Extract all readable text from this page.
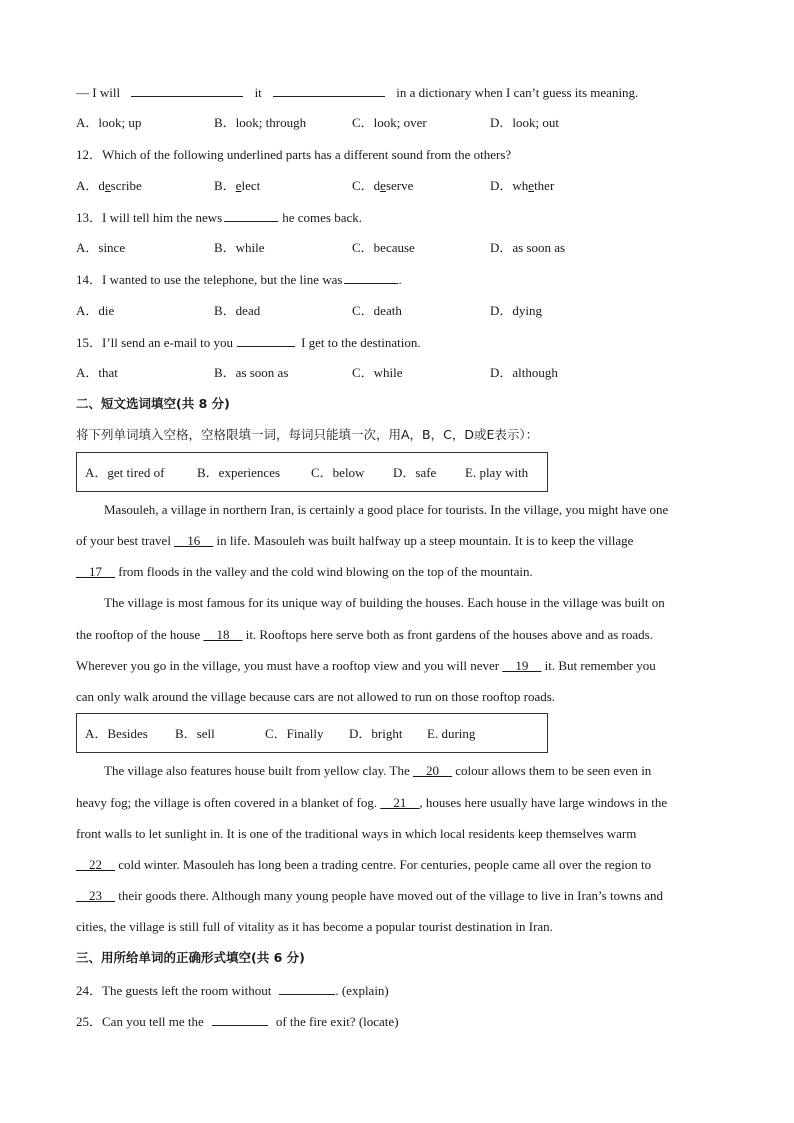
— I will	it	in a dictionary when I can’t guess its meaning.
A．look; up	B．look; through	C．look; over	D．look; out
12．Which of the following underlined parts has a different sound from the others?
A．describe	B．elect	C．deserve	D．whether
13．I will tell him the news	he comes back.
A．since	B．while	C．because	D．as soon as
14．I wanted to use the telephone, but the line was	.
A．die	B．dead	C．death	D．dying
15．I’ll send an e-mail to you	I get to the destination.
A．that	B．as soon as	C．while	D．although
二、短文选词填空(共 8 分)
将下列单词填入空格，空格限填一词，每词只能填一次，用A，B，C，D或E表示）：
A．get tired of	B．experiences C．below D．safe E. play with
Masouleh, a village in northern Iran, is certainly a good place for tourists. In the village, you might have one
of your best travel __16__ in life. Masouleh was built halfway up a steep mountain. It is to keep the village
__17__ from floods in the valley and the cold wind blowing on the top of the mountain.
The village is most famous for its unique way of building the houses. Each house in the village was built on
the rooftop of the house __18__ it. Rooftops here serve both as front gardens of the houses above and as roads.
Wherever you go in the village, you must have a rooftop view and you will never __19__ it. But remember you
can only walk around the village because cars are not allowed to run on those rooftop roads.
A．Besides B．sell	C．Finally D．bright E. during
The village also features house built from yellow clay. The __20__ colour allows them to be seen even in
heavy fog; the village is often covered in a blanket of fog. __21__, houses here usually have large windows in the
front walls to let sunlight in. It is one of the traditional ways in which local residents keep themselves warm
__22__ cold winter. Masouleh has long been a trading centre. For centuries, people came all over the region to
__23__ their goods there. Although many young people have moved out of the village to live in Iran’s towns and
cities, the village is still full of vitality as it has become a popular tourist destination in Iran.
三、用所给单词的正确形式填空(共 6 分)
24．The guests left the room without	. (explain)
25．Can you tell me the	of the fire exit? (locate)
